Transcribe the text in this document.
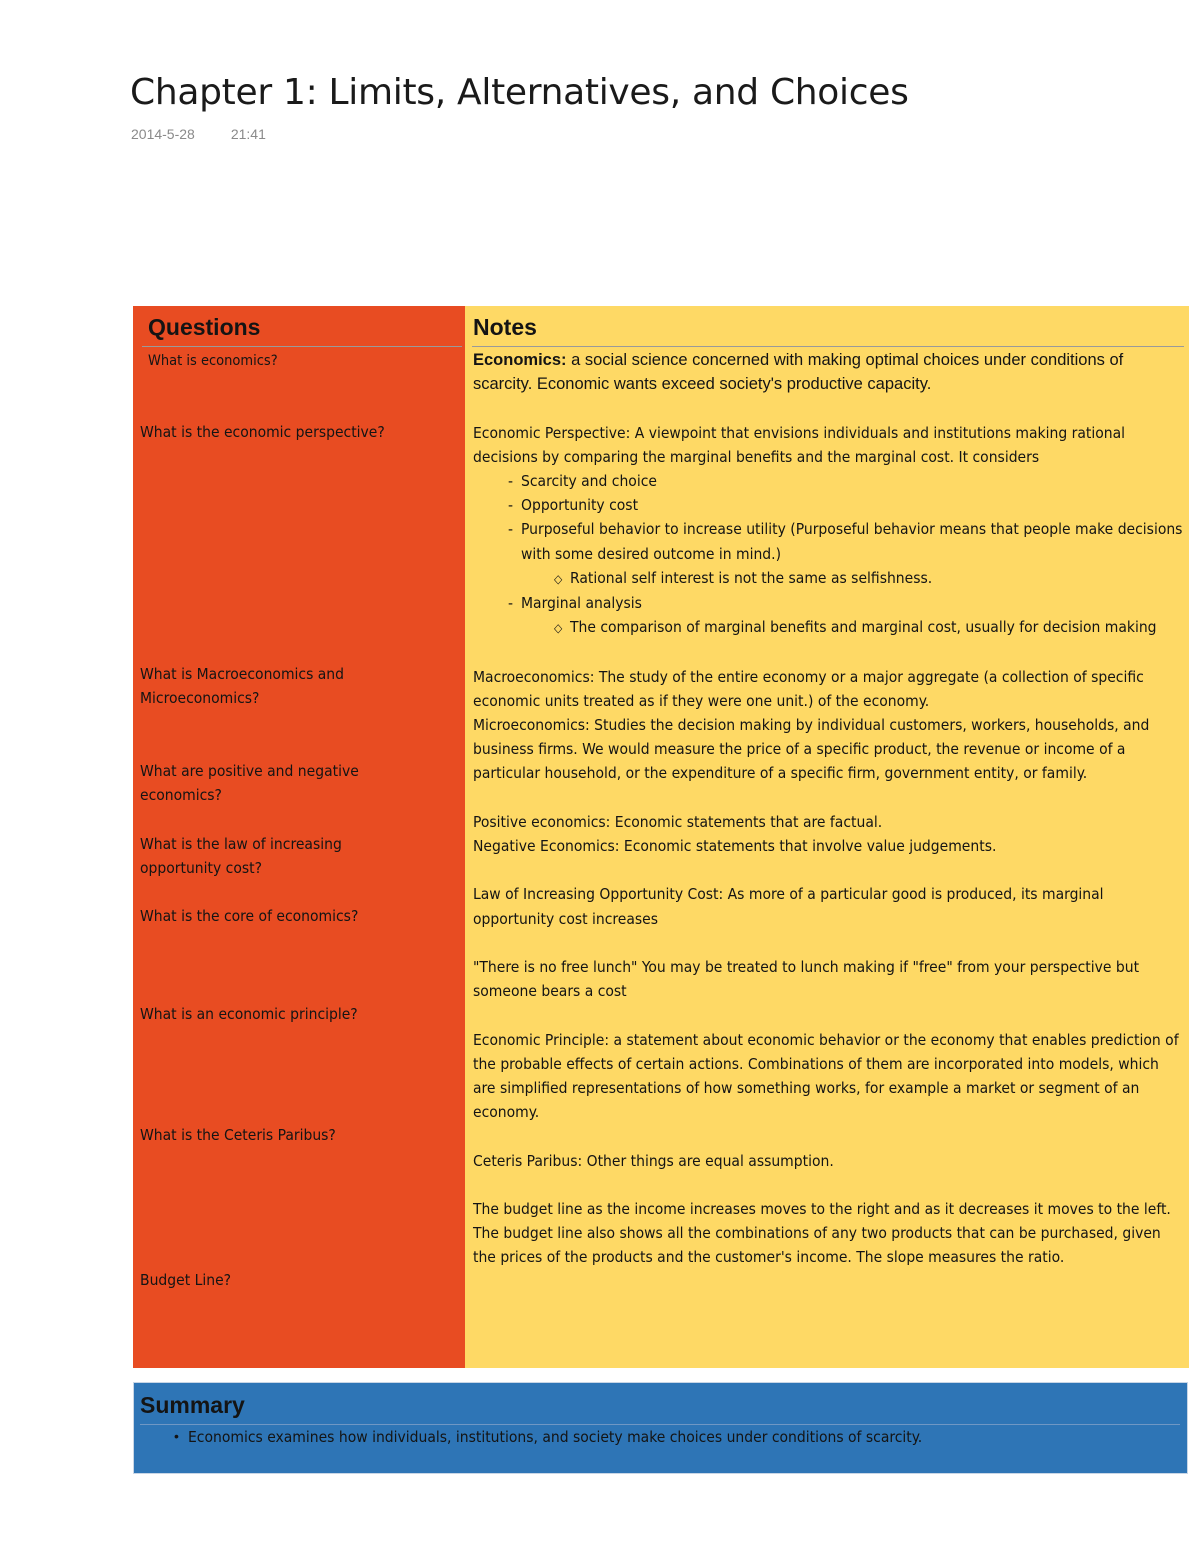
Chapter 1: Limits, Alternatives, and Choices
2014-5-28	21:41
Questions	Notes
What is economics?
What is the economic perspective?
What is Macroeconomics and Microeconomics?
What are positive and negative economics?
What is the law of increasing opportunity cost?
What is the core of economics?
What is an economic principle?
What is the Ceteris Paribus?
Budget Line?

Economics: a social science concerned with making optimal choices under conditions of scarcity. Economic wants exceed society's productive capacity.

Economic Perspective: A viewpoint that envisions individuals and institutions making rational decisions by comparing the marginal benefits and the marginal cost. It considers

- Scarcity and choice

- Opportunity cost

- Purposeful behavior to increase utility (Purposeful behavior means that people make decisions with some desired outcome in mind.)

◇ Rational self interest is not the same as selfishness.

- Marginal analysis

◇ The comparison of marginal benefits and marginal cost, usually for decision making

Macroeconomics: The study of the entire economy or a major aggregate (a collection of specific economic units treated as if they were one unit.) of the economy.

Microeconomics: Studies the decision making by individual customers, workers, households, and business firms. We would measure the price of a specific product, the revenue or income of a particular household, or the expenditure of a specific firm, government entity, or family.

Positive economics: Economic statements that are factual.

Negative Economics: Economic statements that involve value judgements.

Law of Increasing Opportunity Cost: As more of a particular good is produced, its marginal opportunity cost increases

"There is no free lunch" You may be treated to lunch making if "free" from your perspective but someone bears a cost

Economic Principle: a statement about economic behavior or the economy that enables prediction of the probable effects of certain actions. Combinations of them are incorporated into models, which are simplified representations of how something works, for example a market or segment of an economy.

Ceteris Paribus: Other things are equal assumption.

The budget line as the income increases moves to the right and as it decreases it moves to the left. The budget line also shows all the combinations of any two products that can be purchased, given the prices of the products and the customer's income. The slope measures the ratio.

Summary
• Economics examines how individuals, institutions, and society make choices under conditions of scarcity.
